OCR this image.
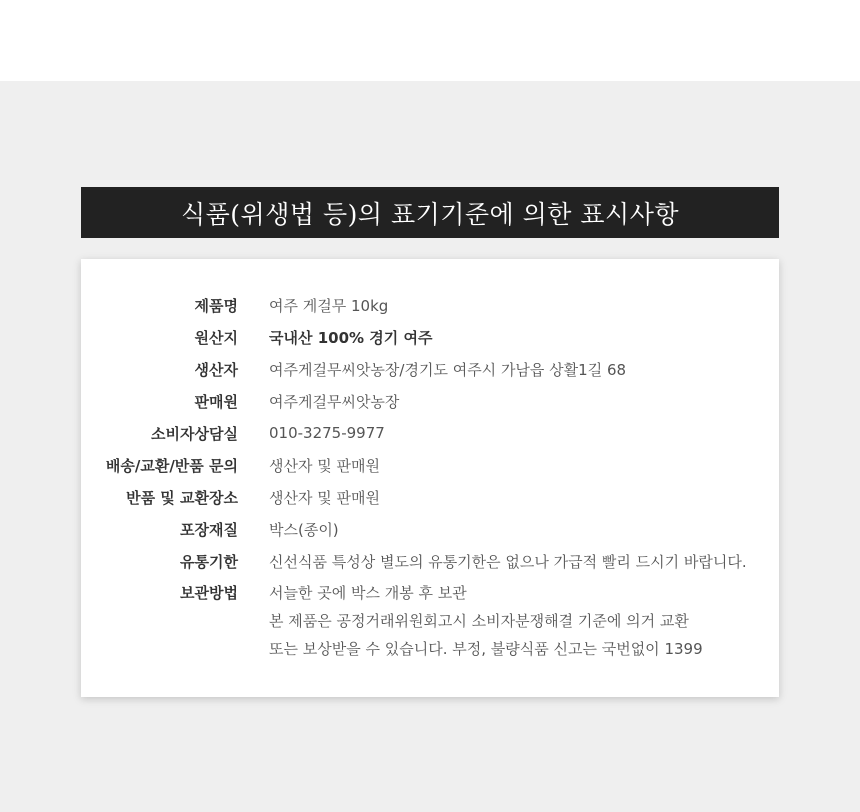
식품(위생법 등)의 표기기준에 의한 표시사항
제품명 여주 게걸무 10kg
원산지 국내산 100% 경기 여주
생산자 여주게걸무씨앗농장/경기도 여주시 가남읍 상활1길 68
판매원 여주게걸무씨앗농장
소비자상담실 010-3275-9977
배송/교환/반품 문의 생산자 및 판매원
반품 및 교환장소 생산자 및 판매원
포장재질 박스(종이)
유통기한 신선식품 특성상 별도의 유통기한은 없으나 가급적 빨리 드시기 바랍니다.
보관방법 서늘한 곳에 박스 개봉 후 보관
본 제품은 공정거래위원회고시 소비자분쟁해결 기준에 의거 교환
또는 보상받을 수 있습니다. 부정, 불량식품 신고는 국번없이 1399
